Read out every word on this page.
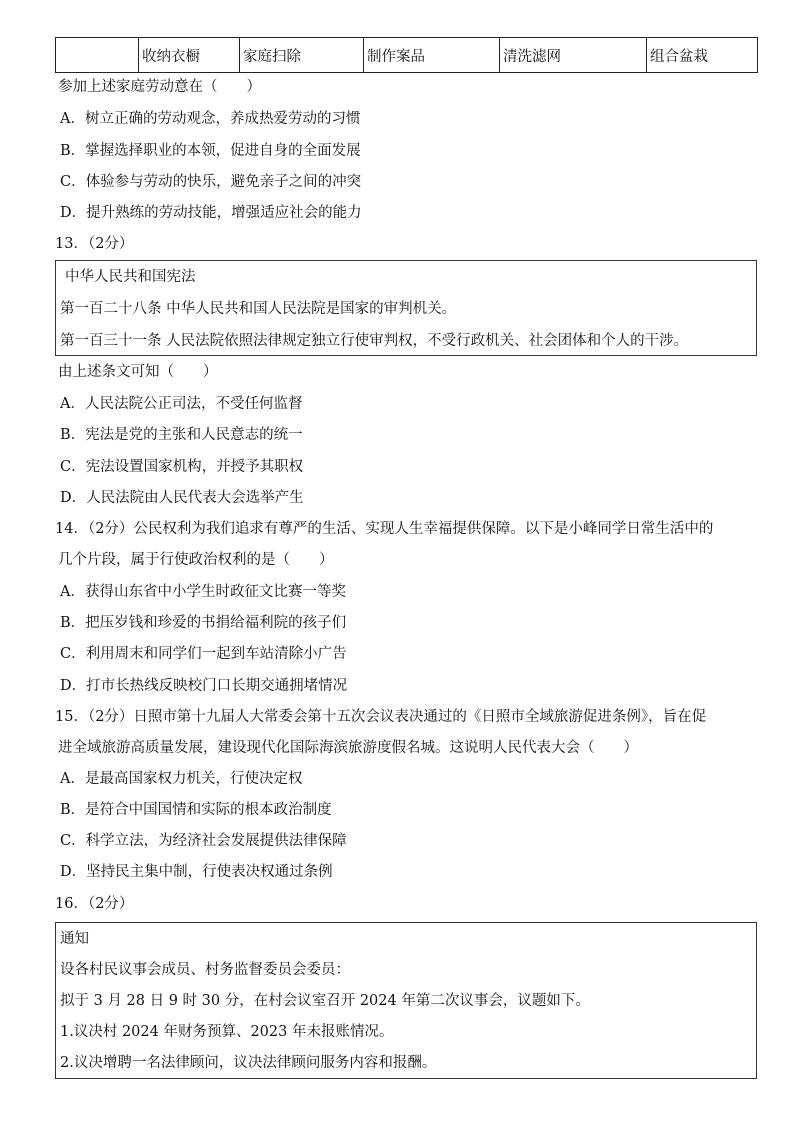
	收纳衣橱	家庭扫除	制作案品	清洗滤网	组合盆栽
参加上述家庭劳动意在（　　）
A．树立正确的劳动观念，养成热爱劳动的习惯
B．掌握选择职业的本领，促进自身的全面发展
C．体验参与劳动的快乐，避免亲子之间的冲突
D．提升熟练的劳动技能，增强适应社会的能力
13．（2分）
中华人民共和国宪法
第一百二十八条 中华人民共和国人民法院是国家的审判机关。
第一百三十一条 人民法院依照法律规定独立行使审判权，不受行政机关、社会团体和个人的干涉。
由上述条文可知（　　）
A．人民法院公正司法，不受任何监督
B．宪法是党的主张和人民意志的统一
C．宪法设置国家机构，并授予其职权
D．人民法院由人民代表大会选举产生
14．（2分）公民权利为我们追求有尊严的生活、实现人生幸福提供保障。以下是小峰同学日常生活中的
几个片段，属于行使政治权利的是（　　）
A．获得山东省中小学生时政征文比赛一等奖
B．把压岁钱和珍爱的书捐给福利院的孩子们
C．利用周末和同学们一起到车站清除小广告
D．打市长热线反映校门口长期交通拥堵情况
15．（2分）日照市第十九届人大常委会第十五次会议表决通过的《日照市全域旅游促进条例》，旨在促
进全域旅游高质量发展，建设现代化国际海滨旅游度假名城。这说明人民代表大会（　　）
A．是最高国家权力机关，行使决定权
B．是符合中国国情和实际的根本政治制度
C．科学立法，为经济社会发展提供法律保障
D．坚持民主集中制，行使表决权通过条例
16．（2分）
通知
设各村民议事会成员、村务监督委员会委员：
拟于 3 月 28 日 9 时 30 分，在村会议室召开 2024 年第二次议事会，议题如下。
1.议决村 2024 年财务预算、2023 年未报账情况。
2.议决增聘一名法律顾问，议决法律顾问服务内容和报酬。
